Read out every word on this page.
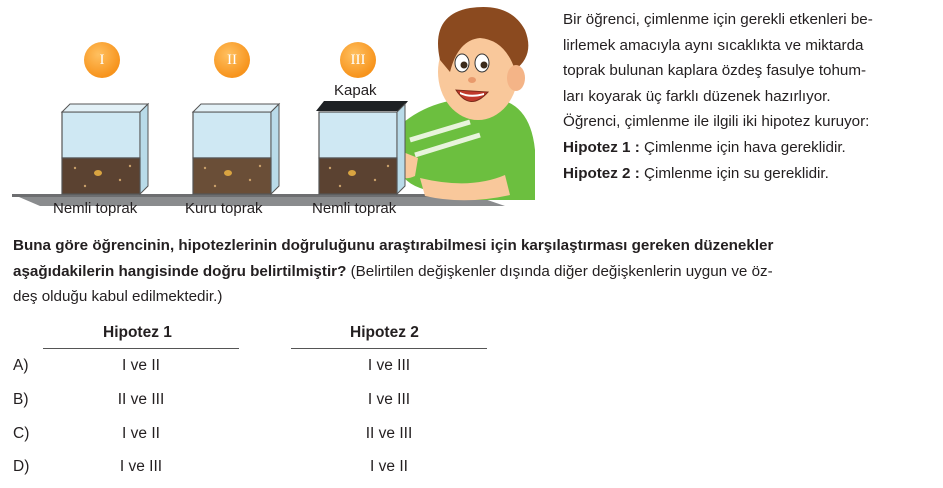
I	II	III
Kapak
Nemli toprak	Kuru toprak	Nemli toprak

Bir öğrenci, çimlenme için gerekli etkenleri be-

lirlemek amacıyla aynı sıcaklıkta ve miktarda

toprak bulunan kaplara özdeş fasulye tohum-

ları koyarak üç farklı düzenek hazırlıyor.

Öğrenci, çimlenme ile ilgili iki hipotez kuruyor:

Hipotez 1 : Çimlenme için hava gereklidir.

Hipotez 2 : Çimlenme için su gereklidir.

Buna göre öğrencinin, hipotezlerinin doğruluğunu araştırabilmesi için karşılaştırması gereken düzenekler
aşağıdakilerin hangisinde doğru belirtilmiştir? (Belirtilen değişkenler dışında diğer değişkenlerin uygun ve öz-
deş olduğu kabul edilmektedir.)
Hipotez 1	Hipotez 2
A)	I ve II	I ve III
B)	II ve III	I ve III
C)	I ve II	II ve III
D)	I ve III	I ve II
